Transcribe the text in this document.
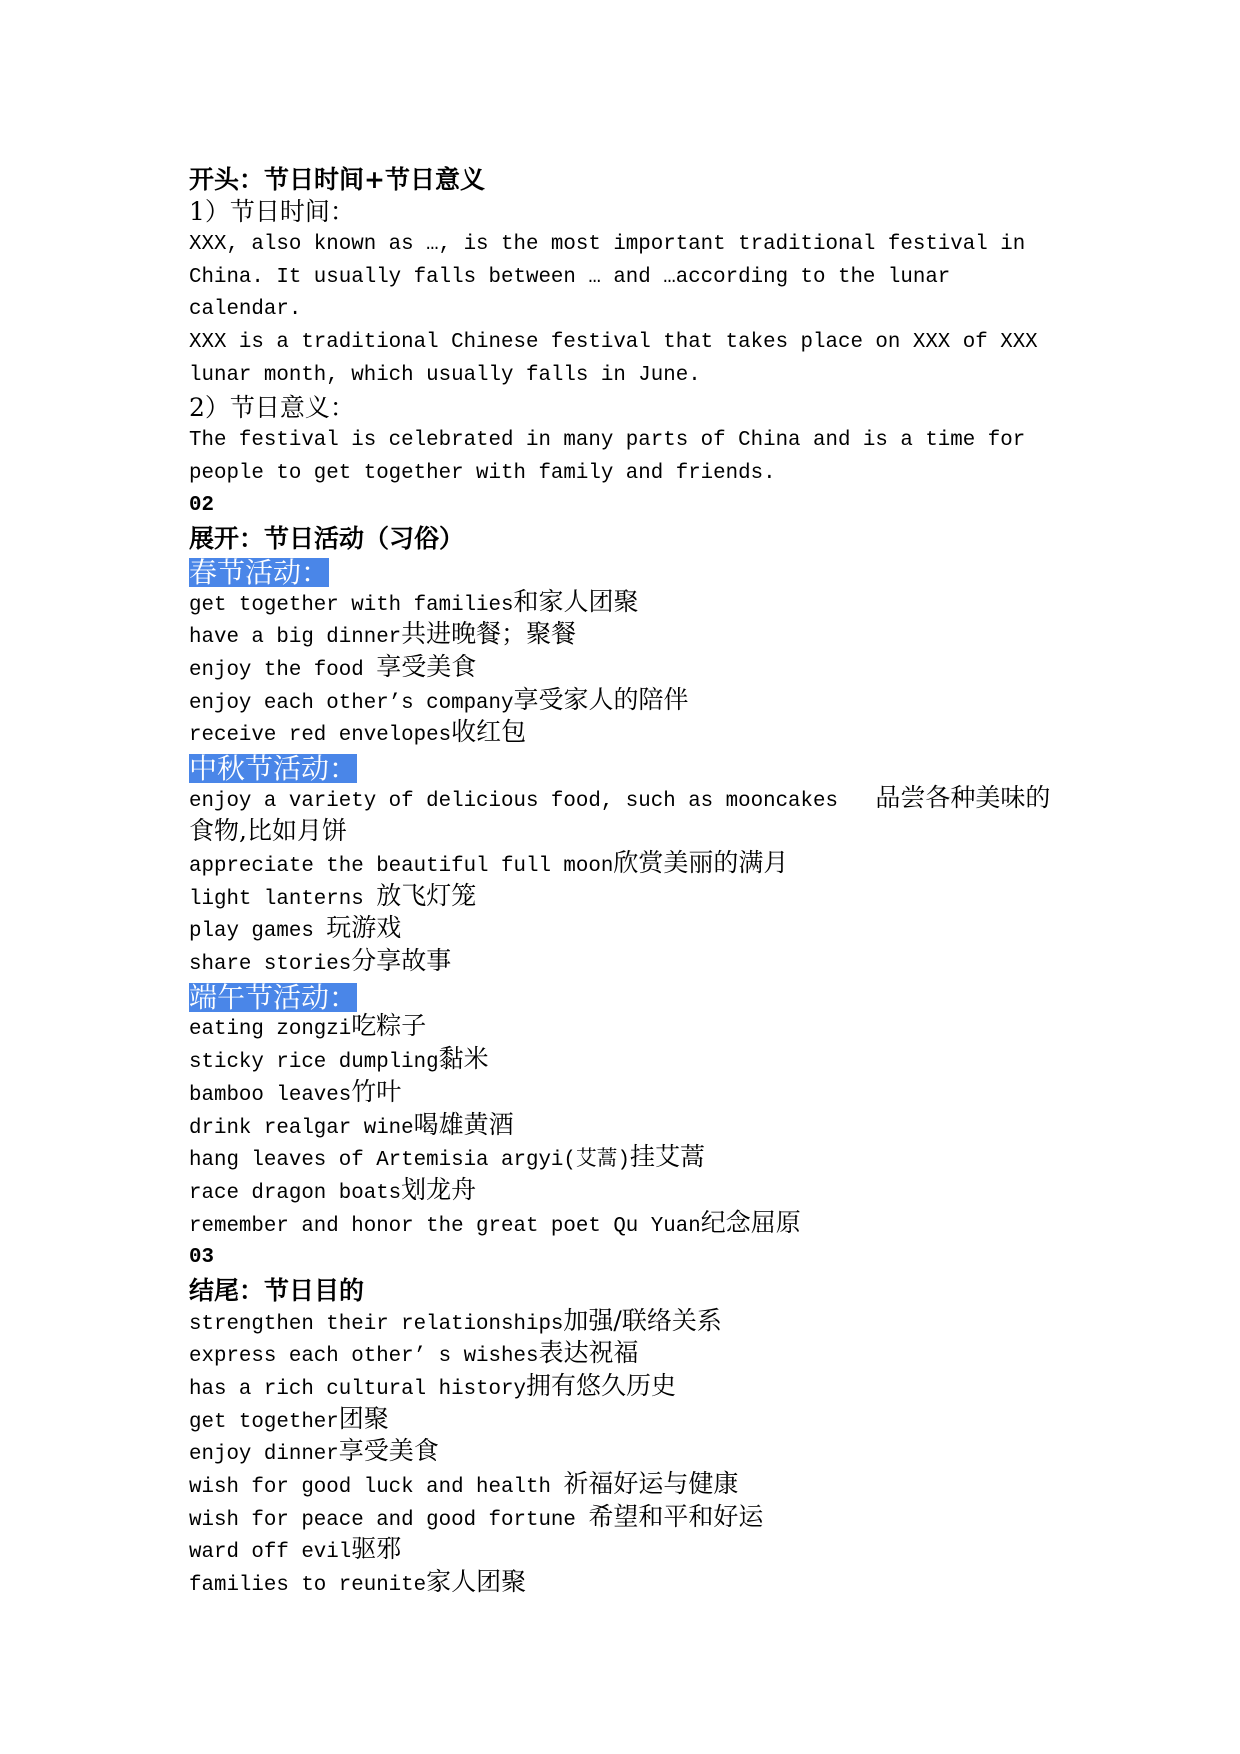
开头：节日时间+节日意义
1）节日时间：
XXX, also known as …, is the most important traditional festival in China. It usually falls between … and …according to the lunar calendar.
XXX is a traditional Chinese festival that takes place on XXX of XXX lunar month, which usually falls in June.
2）节日意义：
The festival is celebrated in many parts of China and is a time for people to get together with family and friends.
02
展开：节日活动（习俗）
春节活动：
get together with families和家人团聚
have a big dinner共进晚餐；聚餐
enjoy the food 享受美食
enjoy each other’s company享受家人的陪伴
receive red envelopes收红包
中秋节活动：
enjoy a variety of delicious food, such as mooncakes   品尝各种美味的食物,比如月饼
appreciate the beautiful full moon欣赏美丽的满月
light lanterns 放飞灯笼
play games 玩游戏
share stories分享故事
端午节活动：
eating zongzi吃粽子
sticky rice dumpling黏米
bamboo leaves竹叶
drink realgar wine喝雄黄酒
hang leaves of Artemisia argyi(艾蒿)挂艾蒿
race dragon boats划龙舟
remember and honor the great poet Qu Yuan纪念屈原
03
结尾：节日目的
strengthen their relationships加强/联络关系
express each other’ s wishes表达祝福
has a rich cultural history拥有悠久历史
get together团聚
enjoy dinner享受美食
wish for good luck and health 祈福好运与健康
wish for peace and good fortune 希望和平和好运
ward off evil驱邪
families to reunite家人团聚
